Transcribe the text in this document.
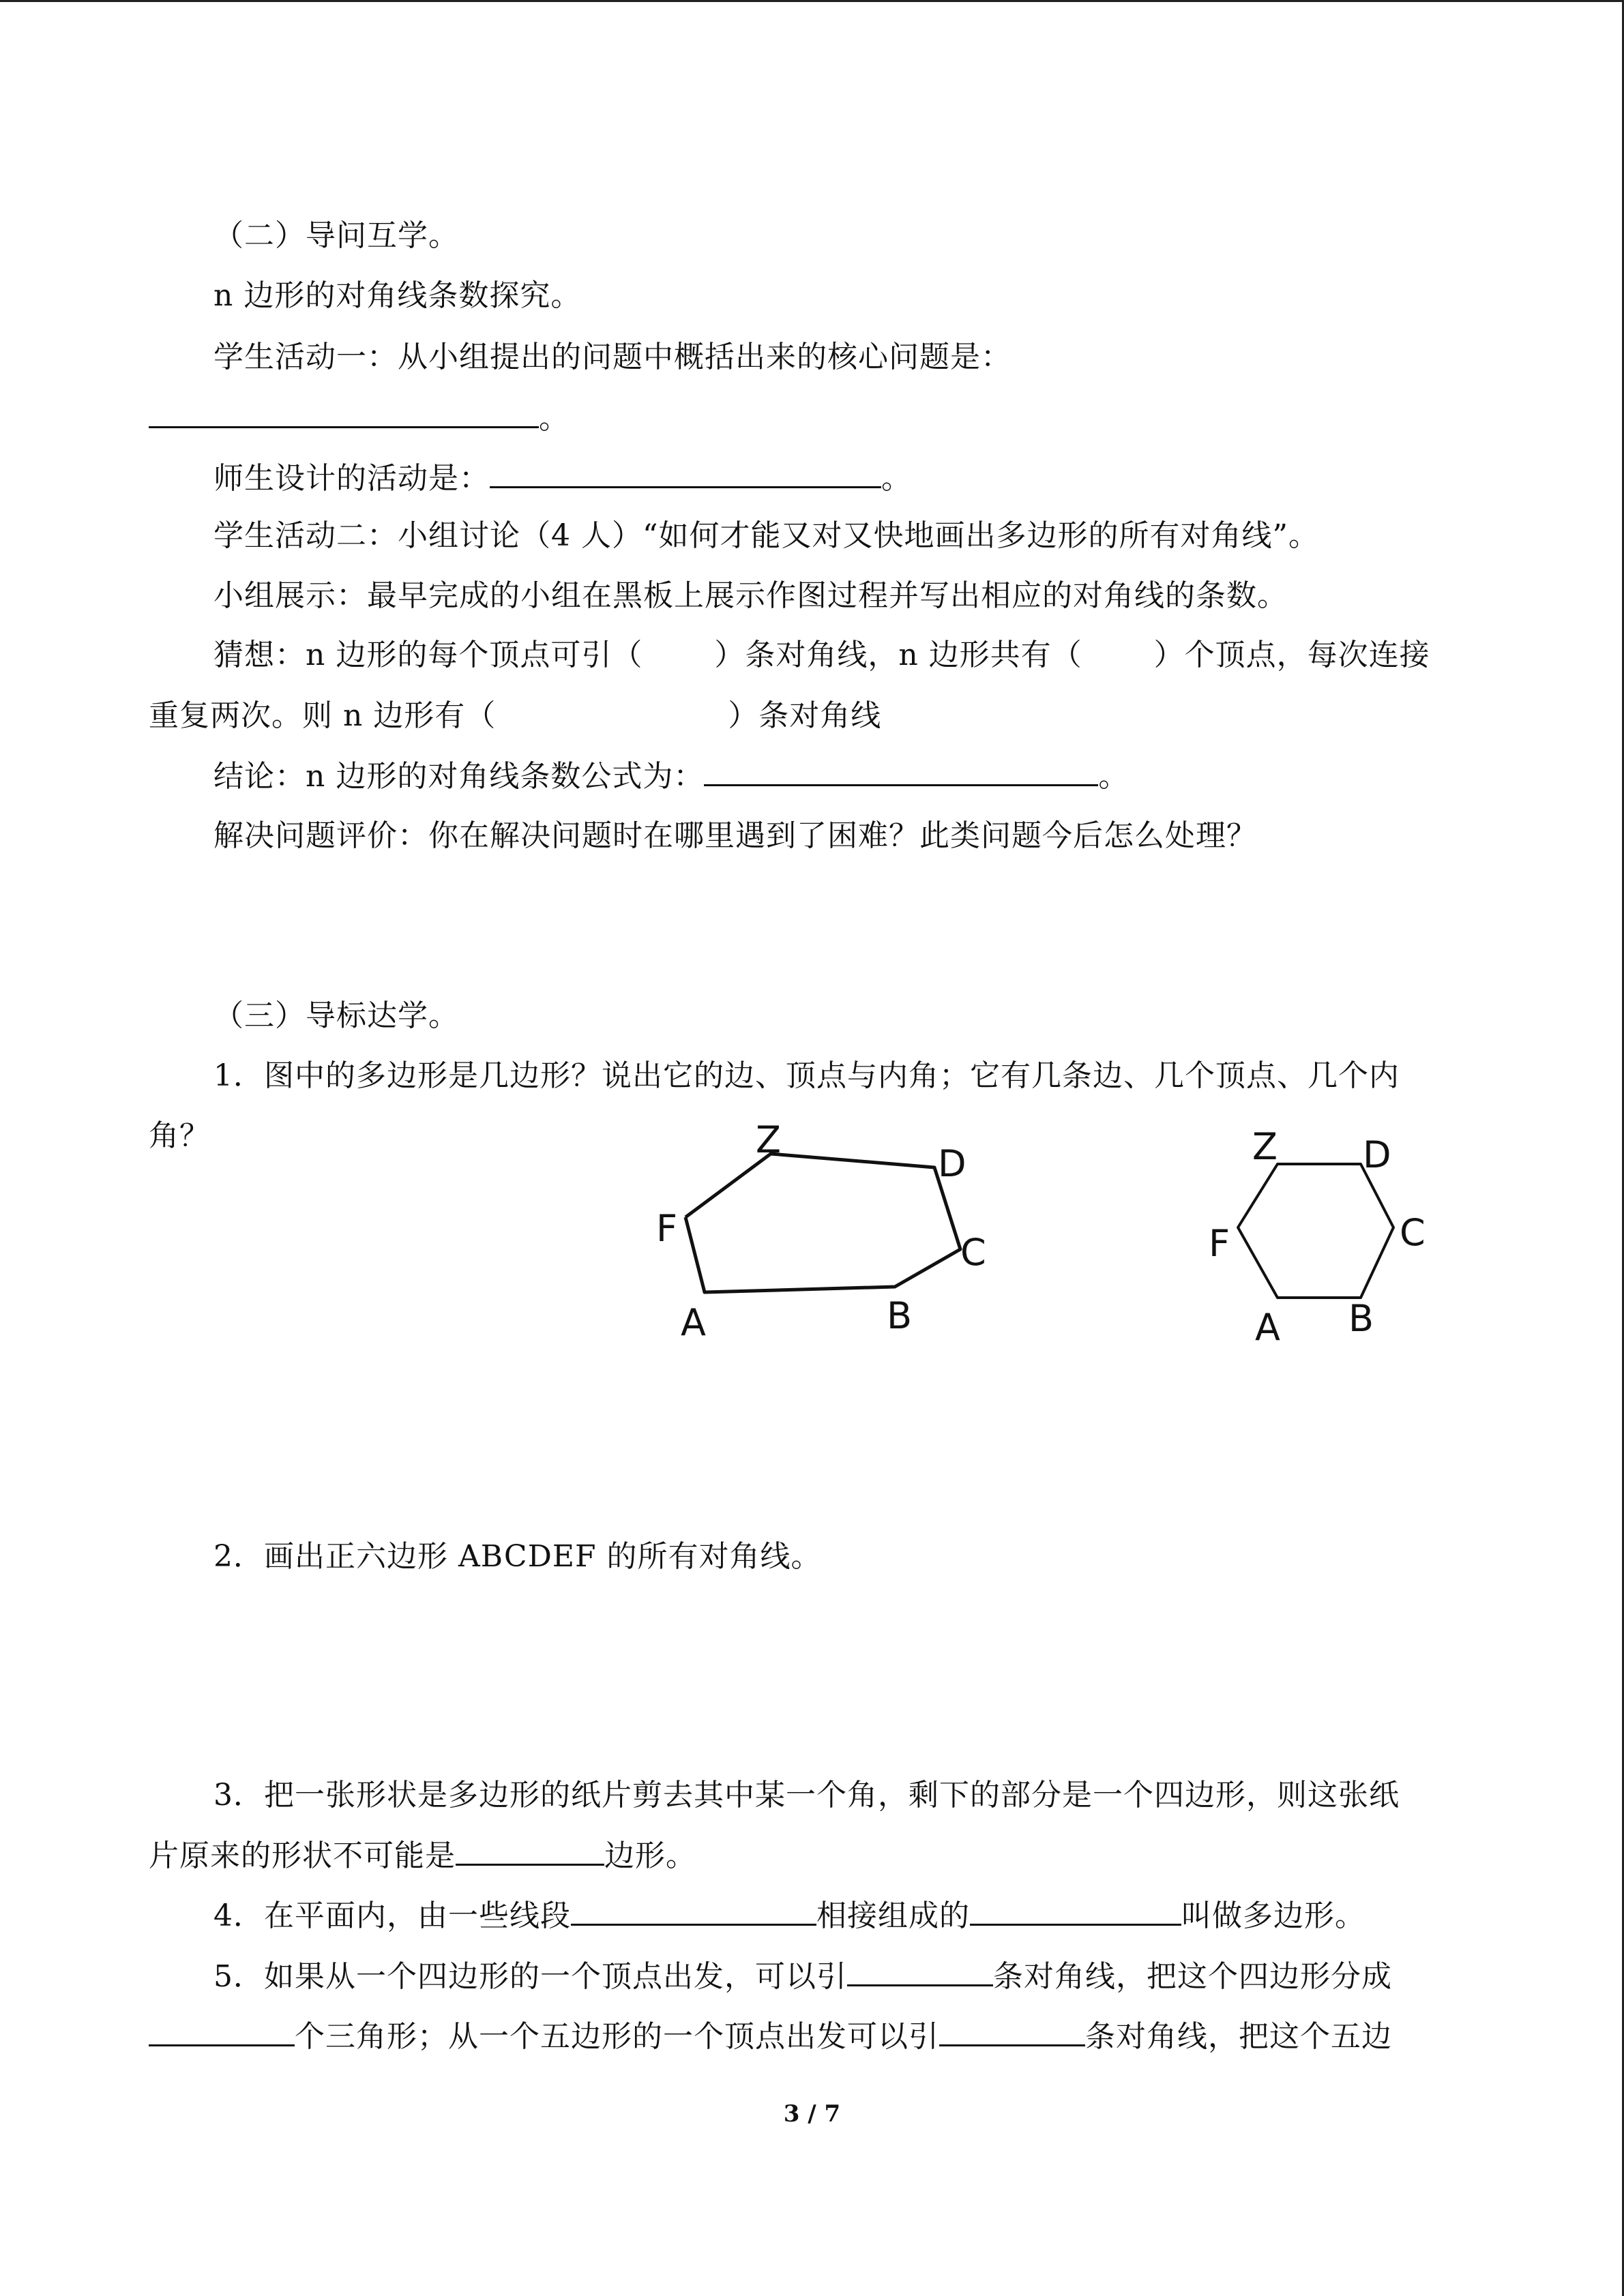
（二）导问互学。
n 边形的对角线条数探究。
学生活动一：从小组提出的问题中概括出来的核心问题是：
。
师生设计的活动是：	。
学生活动二：小组讨论（4 人）“如何才能又对又快地画出多边形的所有对角线”。
小组展示：最早完成的小组在黑板上展示作图过程并写出相应的对角线的条数。
猜想：n 边形的每个顶点可引（ ）条对角线，n 边形共有（ ）个顶点，每次连接
重复两次。则 n 边形有（	）条对角线
结论：n 边形的对角线条数公式为：	。
解决问题评价：你在解决问题时在哪里遇到了困难？此类问题今后怎么处理？
（三）导标达学。
1．图中的多边形是几边形？说出它的边、顶点与内角；它有几条边、几个顶点、几个内
角？	Z
D
C
B
A
F
Z D
C
B
A
F
2．画出正六边形 ABCDEF 的所有对角线。
3．把一张形状是多边形的纸片剪去其中某一个角，剩下的部分是一个四边形，则这张纸
片原来的形状不可能是	边形。
4．在平面内，由一些线段	相接组成的	叫做多边形。
5．如果从一个四边形的一个顶点出发，可以引	条对角线，把这个四边形分成
个三角形；从一个五边形的一个顶点出发可以引	条对角线，把这个五边
3 / 7
